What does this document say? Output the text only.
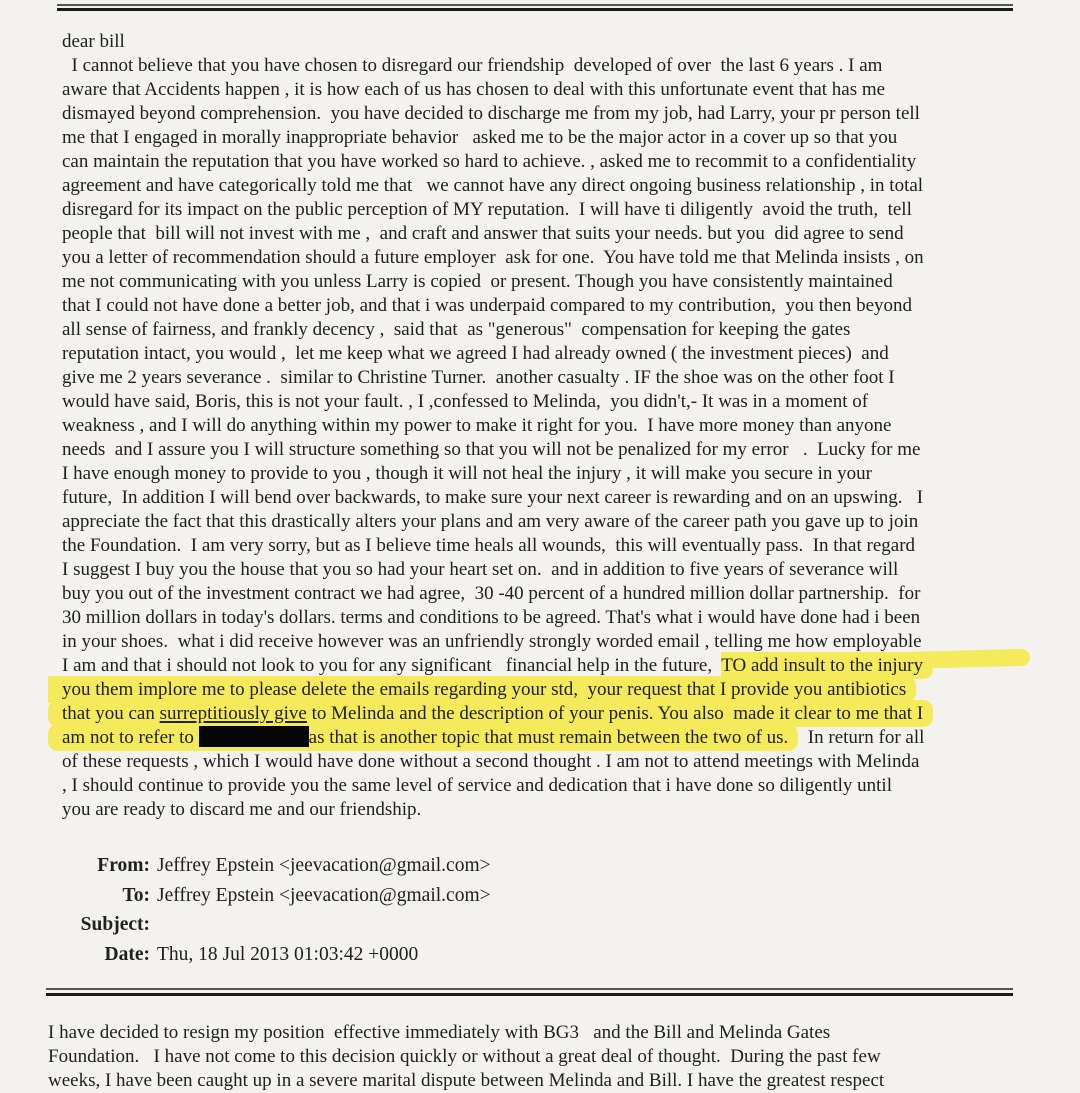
dear bill
I cannot believe that you have chosen to disregard our friendship  developed of over  the last 6 years . I am
aware that Accidents happen , it is how each of us has chosen to deal with this unfortunate event that has me
dismayed beyond comprehension.  you have decided to discharge me from my job, had Larry, your pr person tell
me that I engaged in morally inappropriate behavior   asked me to be the major actor in a cover up so that you
can maintain the reputation that you have worked so hard to achieve. , asked me to recommit to a confidentiality
agreement and have categorically told me that   we cannot have any direct ongoing business relationship , in total
disregard for its impact on the public perception of MY reputation.  I will have ti diligently  avoid the truth,  tell
people that  bill will not invest with me ,  and craft and answer that suits your needs. but you  did agree to send
you a letter of recommendation should a future employer  ask for one.  You have told me that Melinda insists , on
me not communicating with you unless Larry is copied  or present. Though you have consistently maintained
that I could not have done a better job, and that i was underpaid compared to my contribution,  you then beyond
all sense of fairness, and frankly decency ,  said that  as "generous"  compensation for keeping the gates
reputation intact, you would ,  let me keep what we agreed I had already owned ( the investment pieces)  and
give me 2 years severance .  similar to Christine Turner.  another casualty . IF the shoe was on the other foot I
would have said, Boris, this is not your fault. , I ,confessed to Melinda,  you didn't,- It was in a moment of
weakness , and I will do anything within my power to make it right for you.  I have more money than anyone
needs  and I assure you I will structure something so that you will not be penalized for my error   .  Lucky for me
I have enough money to provide to you , though it will not heal the injury , it will make you secure in your
future,  In addition I will bend over backwards, to make sure your next career is rewarding and on an upswing.   I
appreciate the fact that this drastically alters your plans and am very aware of the career path you gave up to join
the Foundation.  I am very sorry, but as I believe time heals all wounds,  this will eventually pass.  In that regard
I suggest I buy you the house that you so had your heart set on.  and in addition to five years of severance will
buy you out of the investment contract we had agree,  30 -40 percent of a hundred million dollar partnership.  for
30 million dollars in today's dollars. terms and conditions to be agreed. That's what i would have done had i been
in your shoes.  what i did receive however was an unfriendly strongly worded email , telling me how employable
I am and that i should not look to you for any significant   financial help in the future,  TO add insult to the injury
you them implore me to please delete the emails regarding your std,  your request that I provide you antibiotics
that you can surreptitiously give to Melinda and the description of your penis. You also  made it clear to me that I
am not to refer to	as that is another topic that must remain between the two of us.  In return for all
of these requests , which I would have done without a second thought . I am not to attend meetings with Melinda
, I should continue to provide you the same level of service and dedication that i have done so diligently until
you are ready to discard me and our friendship.
From: Jeffrey Epstein <jeevacation@gmail.com>
To: Jeffrey Epstein <jeevacation@gmail.com>
Subject:
Date: Thu, 18 Jul 2013 01:03:42 +0000
I have decided to resign my position  effective immediately with BG3   and the Bill and Melinda Gates
Foundation.   I have not come to this decision quickly or without a great deal of thought.  During the past few
weeks, I have been caught up in a severe marital dispute between Melinda and Bill. I have the greatest respect
